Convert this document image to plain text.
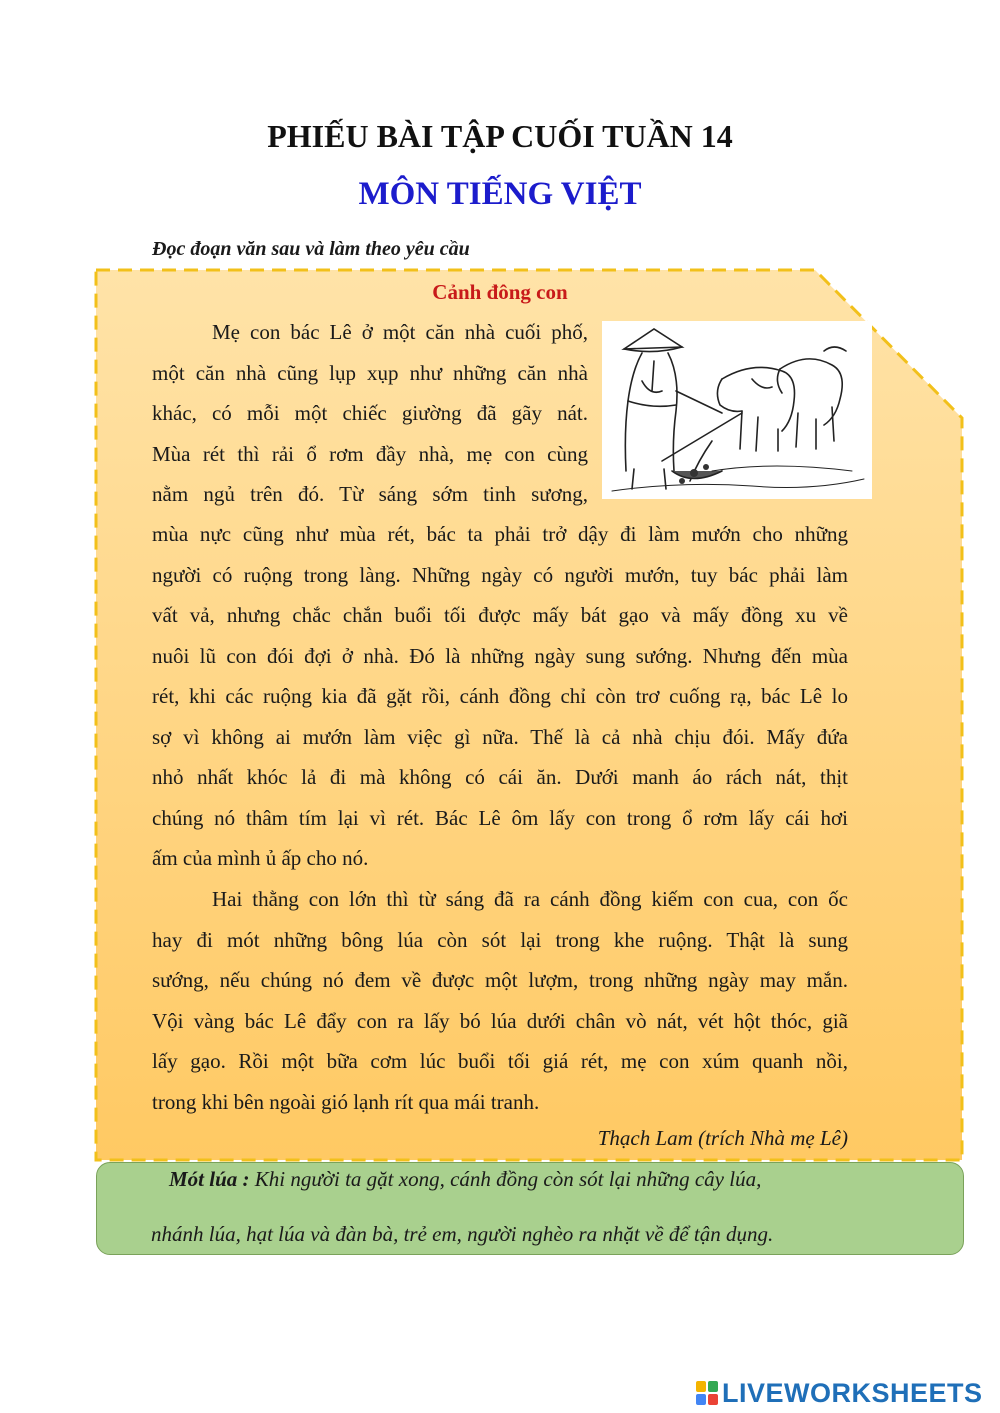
PHIẾU BÀI TẬP CUỐI TUẦN 14
MÔN TIẾNG VIỆT
Đọc đoạn văn sau và làm theo yêu cầu
Cảnh đông con
Mẹ con bác Lê ở một căn nhà cuối phố,
một căn nhà cũng lụp xụp như những căn nhà
khác, có mỗi một chiếc giường đã gãy nát.
Mùa rét thì rải ổ rơm đầy nhà, mẹ con cùng
nằm ngủ trên đó. Từ sáng sớm tinh sương,
mùa nực cũng như mùa rét, bác ta phải trở dậy đi làm mướn cho những
người có ruộng trong làng. Những ngày có người mướn, tuy bác phải làm
vất vả, nhưng chắc chắn buổi tối được mấy bát gạo và mấy đồng xu về
nuôi lũ con đói đợi ở nhà. Đó là những ngày sung sướng. Nhưng đến mùa
rét, khi các ruộng kia đã gặt rồi, cánh đồng chỉ còn trơ cuống rạ, bác Lê lo
sợ vì không ai mướn làm việc gì nữa. Thế là cả nhà chịu đói. Mấy đứa
nhỏ nhất khóc lả đi mà không có cái ăn. Dưới manh áo rách nát, thịt
chúng nó thâm tím lại vì rét. Bác Lê ôm lấy con trong ổ rơm lấy cái hơi
ấm của mình ủ ấp cho nó.
Hai thằng con lớn thì từ sáng đã ra cánh đồng kiếm con cua, con ốc
hay đi mót những bông lúa còn sót lại trong khe ruộng. Thật là sung
sướng, nếu chúng nó đem về được một lượm, trong những ngày may mắn.
Vội vàng bác Lê đẩy con ra lấy bó lúa dưới chân vò nát, vét hột thóc, giã
lấy gạo. Rồi một bữa cơm lúc buổi tối giá rét, mẹ con xúm quanh nồi,
trong khi bên ngoài gió lạnh rít qua mái tranh.
Thạch Lam (trích Nhà mẹ Lê)
Mót lúa : Khi người ta gặt xong, cánh đồng còn sót lại những cây lúa,
nhánh lúa, hạt lúa và đàn bà, trẻ em, người nghèo ra nhặt về để tận dụng.
LIVEWORKSHEETS
